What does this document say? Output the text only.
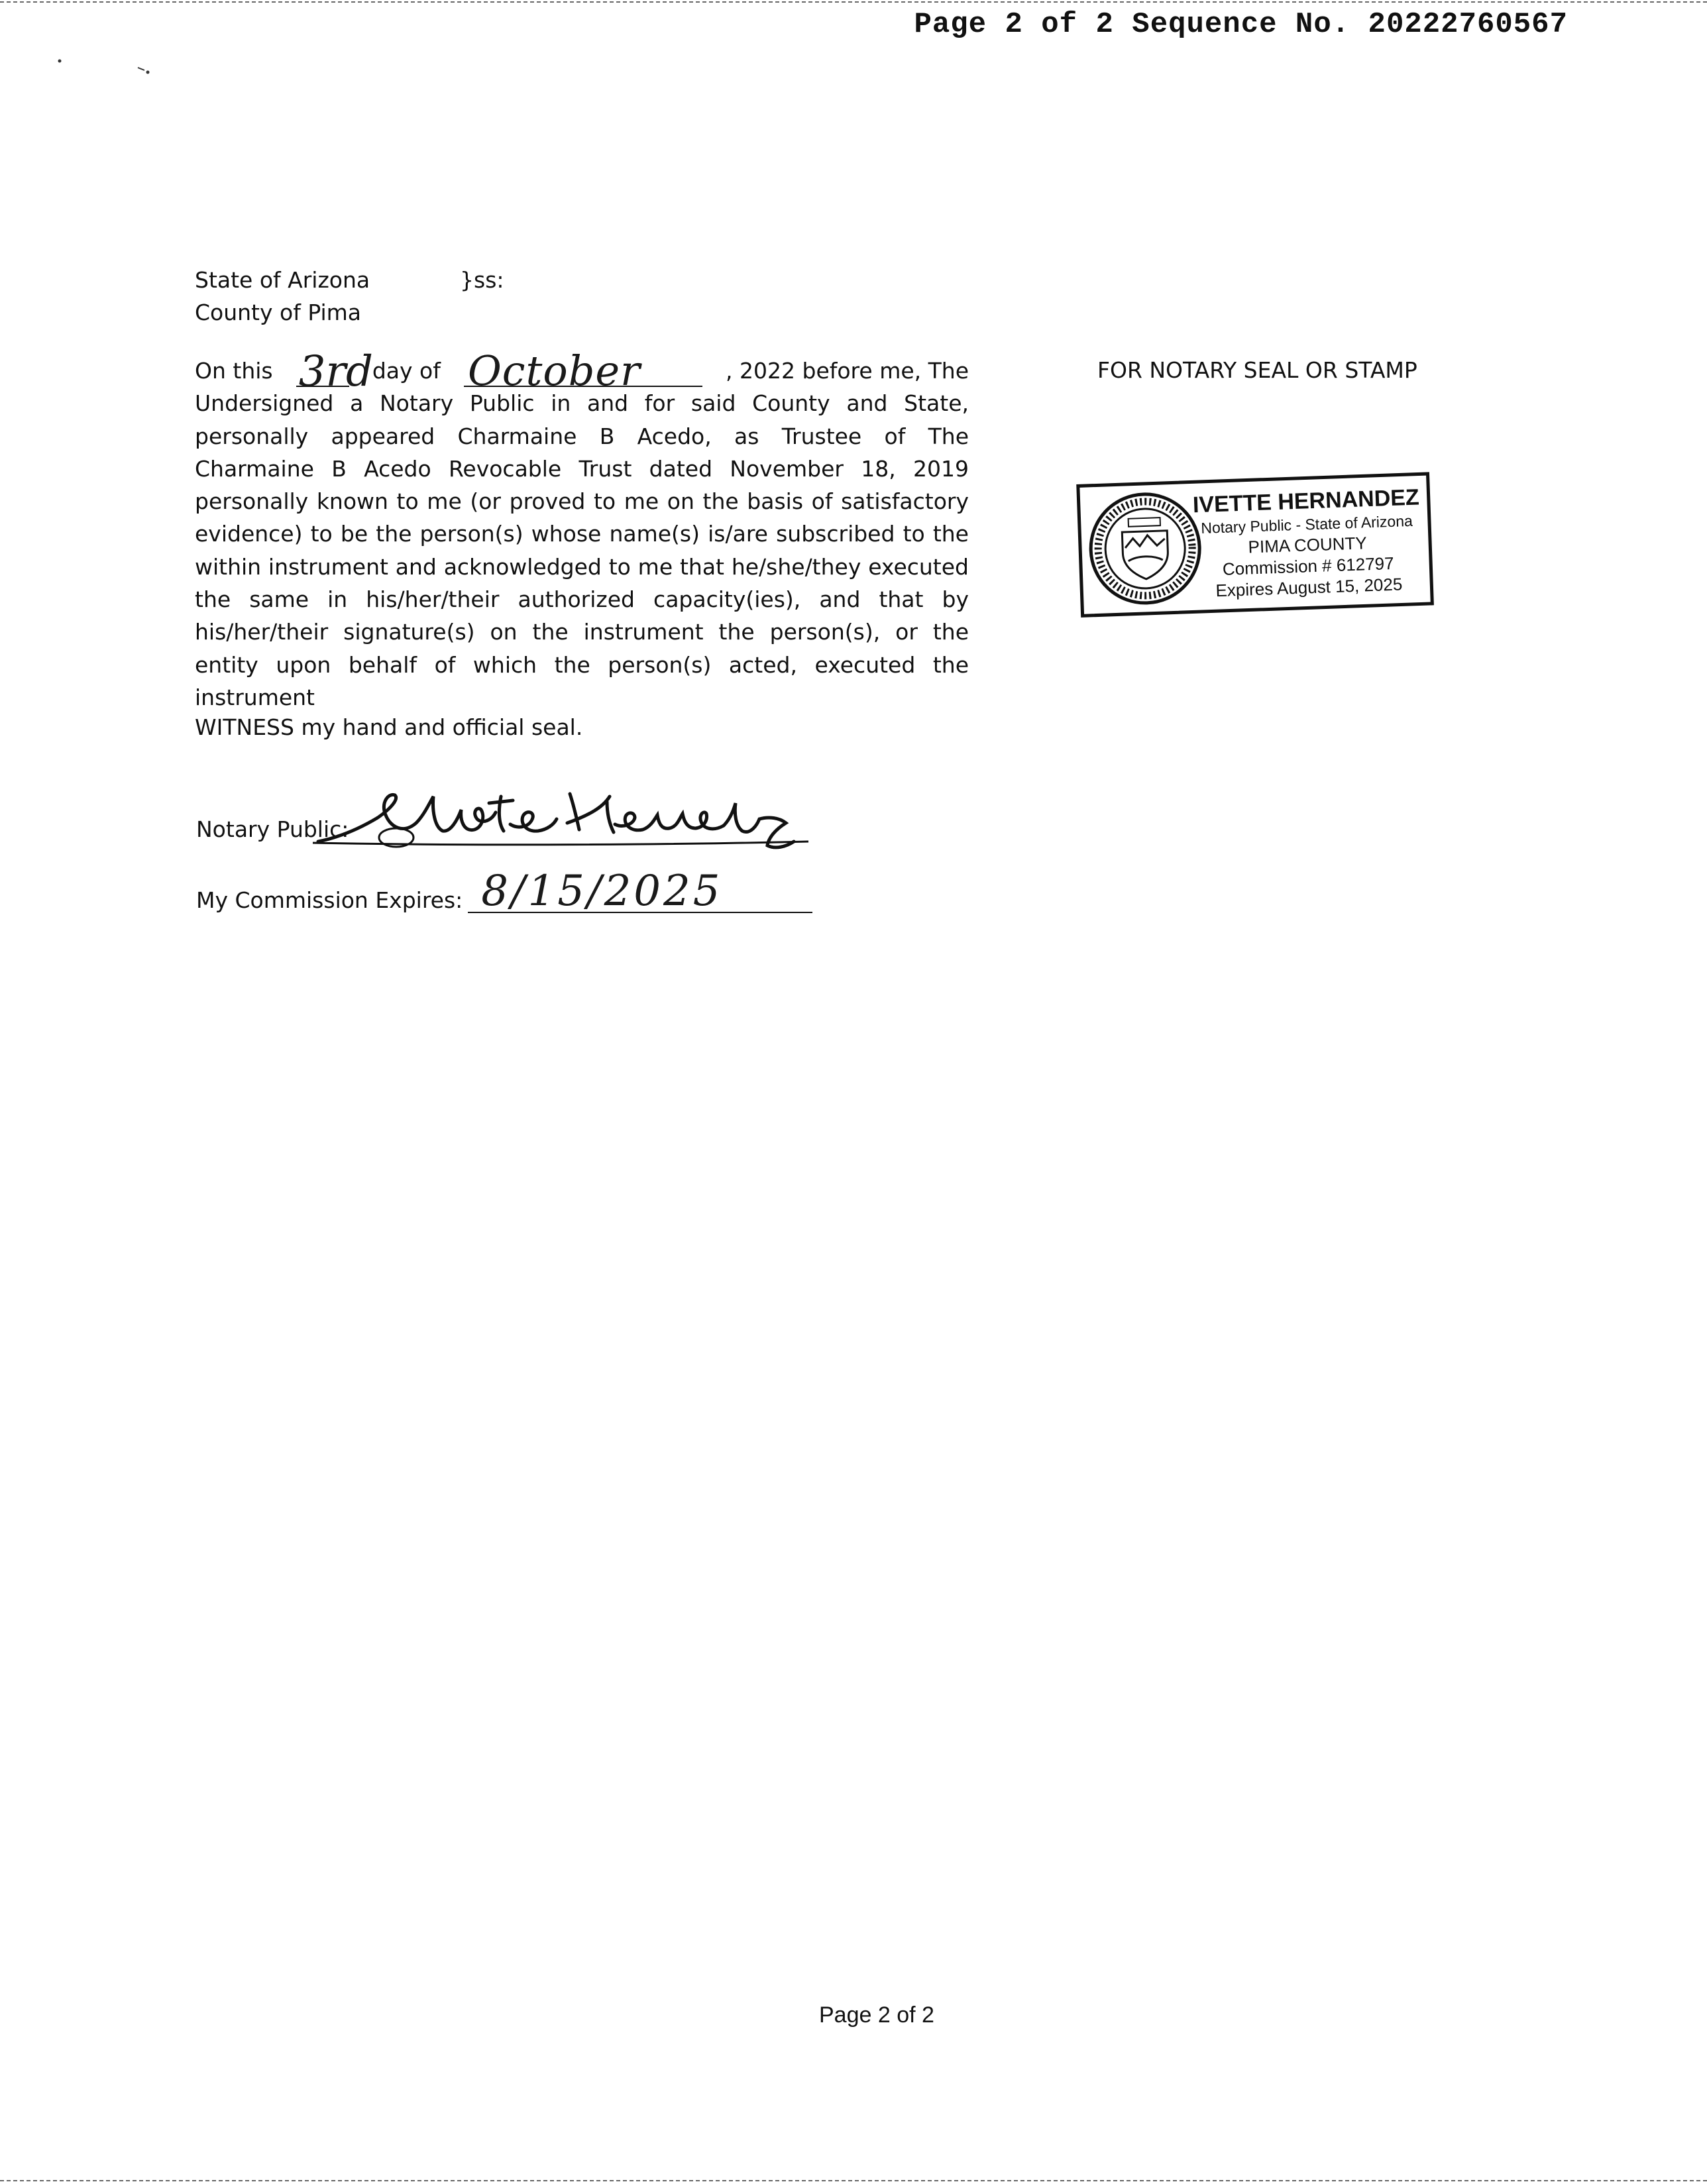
Page 2 of 2 Sequence No. 20222760567
State of Arizona	}ss:
County of Pima
On this 3rd
day of October	, 2022 before me, The
Undersigned a Notary Public in and for said County and State, personally appeared Charmaine B Acedo, as Trustee of The Charmaine B Acedo Revocable Trust dated November 18, 2019 personally known to me (or proved to me on the basis of satisfactory evidence) to be the person(s) whose name(s) is/are subscribed to the within instrument and acknowledged to me that he/she/they executed the same in his/her/their authorized capacity(ies), and that by his/her/their signature(s) on the instrument the person(s), or the entity upon behalf of which the person(s) acted, executed the instrument
WITNESS my hand and official seal.
Notary Public:
My Commission Expires: 8/15/2025
FOR NOTARY SEAL OR STAMP
IVETTE HERNANDEZ
Notary Public - State of Arizona
PIMA COUNTY
Commission # 612797
Expires August 15, 2025
Page 2 of 2
